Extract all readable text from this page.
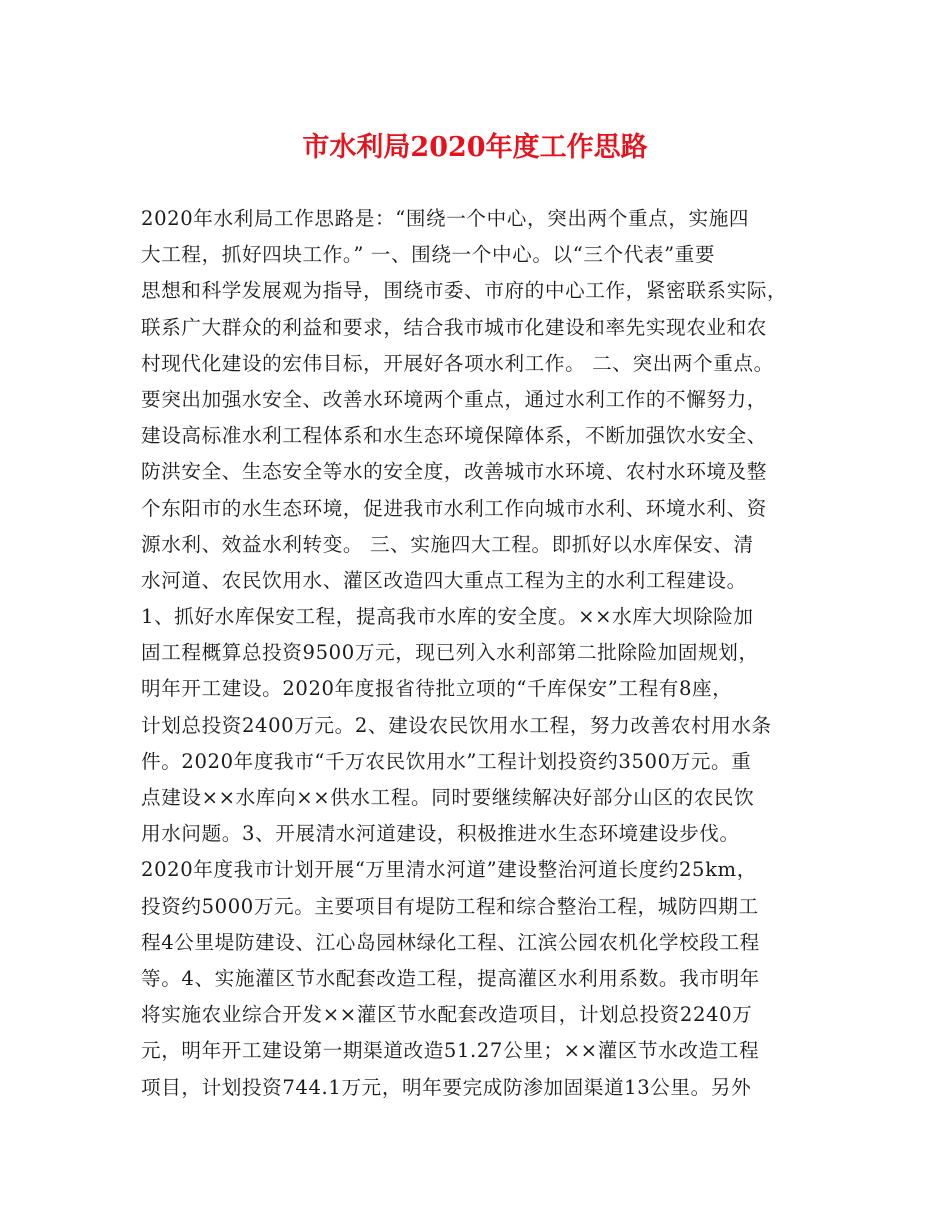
市水利局2020年度工作思路
2020年水利局工作思路是：“围绕一个中心，突出两个重点，实施四
大工程，抓好四块工作。” 一、围绕一个中心。以“三个代表”重要
思想和科学发展观为指导，围绕市委、市府的中心工作，紧密联系实际，
联系广大群众的利益和要求，结合我市城市化建设和率先实现农业和农
村现代化建设的宏伟目标，开展好各项水利工作。 二、突出两个重点。
要突出加强水安全、改善水环境两个重点，通过水利工作的不懈努力，
建设高标准水利工程体系和水生态环境保障体系，不断加强饮水安全、
防洪安全、生态安全等水的安全度，改善城市水环境、农村水环境及整
个东阳市的水生态环境，促进我市水利工作向城市水利、环境水利、资
源水利、效益水利转变。 三、实施四大工程。即抓好以水库保安、清
水河道、农民饮用水、灌区改造四大重点工程为主的水利工程建设。
1、抓好水库保安工程，提高我市水库的安全度。××水库大坝除险加
固工程概算总投资9500万元，现已列入水利部第二批除险加固规划，
明年开工建设。2020年度报省待批立项的“千库保安”工程有8座，
计划总投资2400万元。2、建设农民饮用水工程，努力改善农村用水条
件。2020年度我市“千万农民饮用水”工程计划投资约3500万元。重
点建设××水库向××供水工程。同时要继续解决好部分山区的农民饮
用水问题。3、开展清水河道建设，积极推进水生态环境建设步伐。
2020年度我市计划开展“万里清水河道”建设整治河道长度约25km，
投资约5000万元。主要项目有堤防工程和综合整治工程，城防四期工
程4公里堤防建设、江心岛园林绿化工程、江滨公园农机化学校段工程
等。4、实施灌区节水配套改造工程，提高灌区水利用系数。我市明年
将实施农业综合开发××灌区节水配套改造项目，计划总投资2240万
元，明年开工建设第一期渠道改造51.27公里；××灌区节水改造工程
项目，计划投资744.1万元，明年要完成防渗加固渠道13公里。另外
